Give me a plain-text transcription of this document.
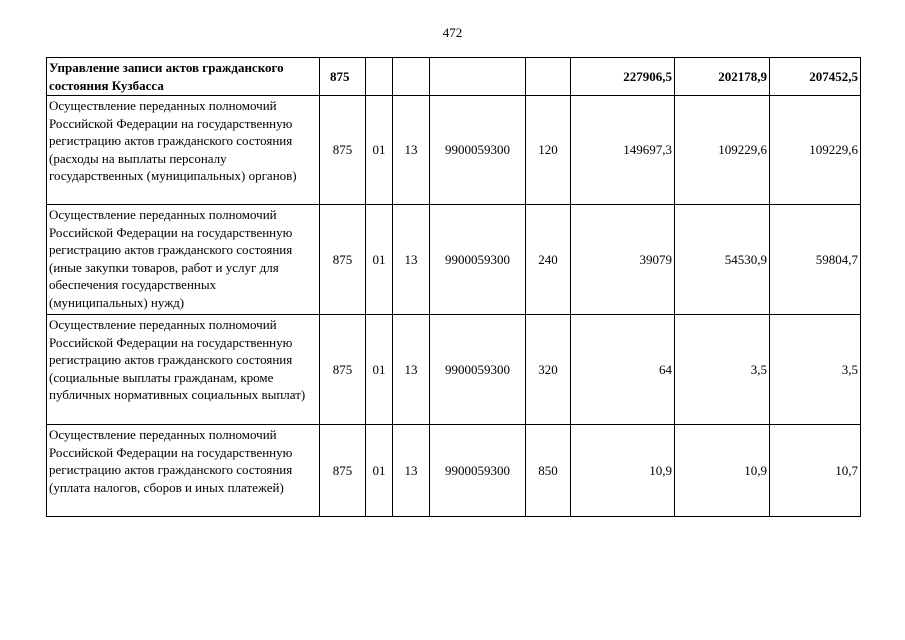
472
Управление записи актов гражданского состояния Кузбасса	875					227906,5	202178,9	207452,5
Осуществление переданных полномочий Российской Федерации на государственную регистрацию актов гражданского состояния (расходы на выплаты персоналу государственных (муниципальных) органов)	875	01	13	9900059300	120	149697,3	109229,6	109229,6
Осуществление переданных полномочий Российской Федерации на государственную регистрацию актов гражданского состояния (иные закупки товаров, работ и услуг для обеспечения государственных (муниципальных) нужд)	875	01	13	9900059300	240	39079	54530,9	59804,7
Осуществление переданных полномочий Российской Федерации на государственную регистрацию актов гражданского состояния (социальные выплаты гражданам, кроме публичных нормативных социальных выплат)	875	01	13	9900059300	320	64	3,5	3,5
Осуществление переданных полномочий Российской Федерации на государственную регистрацию актов гражданского состояния (уплата налогов, сборов и иных платежей)	875	01	13	9900059300	850	10,9	10,9	10,7
